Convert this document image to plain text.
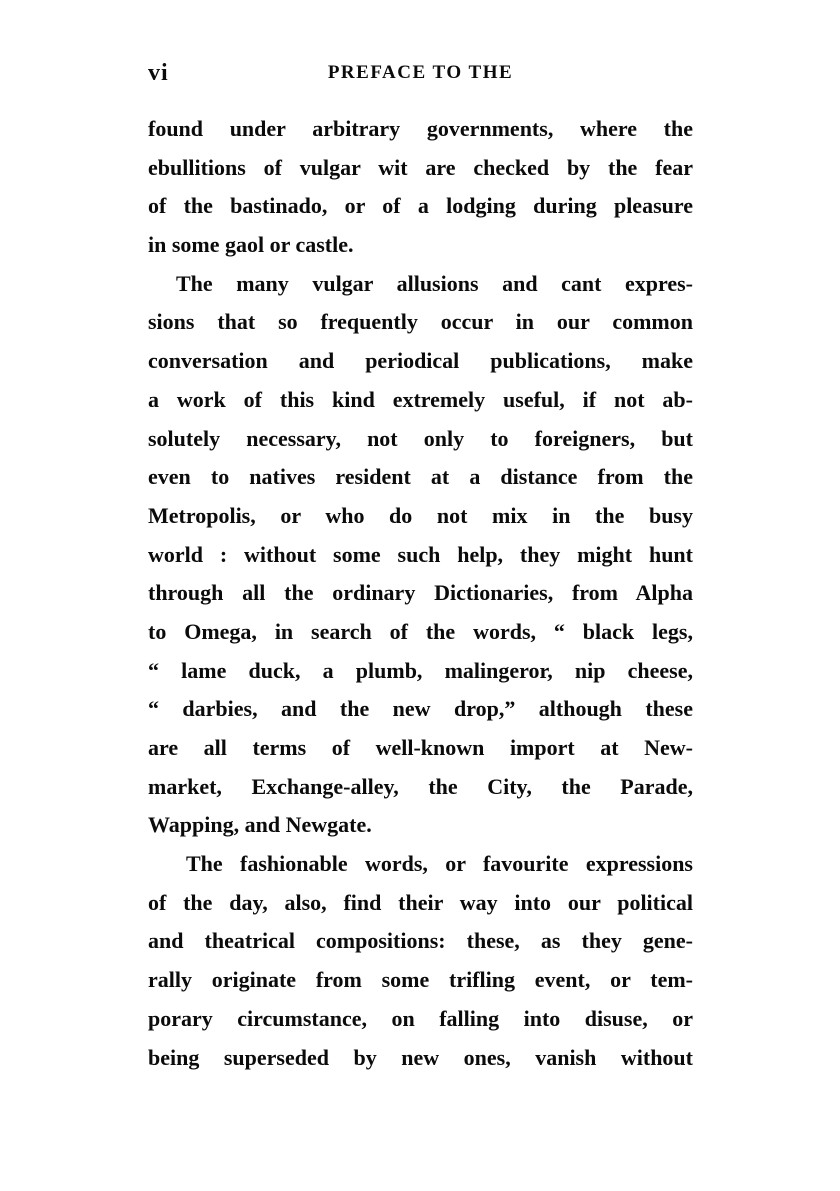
vi	PREFACE TO THE

found under arbitrary governments, where the
ebullitions of vulgar wit are checked by the fear
of the bastinado, or of a lodging during pleasure
in some gaol or castle.

The many vulgar allusions and cant expres-
sions that so frequently occur in our common
conversation and periodical publications, make
a work of this kind extremely useful, if not ab-
solutely necessary, not only to foreigners, but
even to natives resident at a distance from the
Metropolis, or who do not mix in the busy
world : without some such help, they might hunt
through all the ordinary Dictionaries, from Alpha
to Omega, in search of the words, “ black legs,
“ lame duck, a plumb, malingeror, nip cheese,
“ darbies, and the new drop,” although these
are all terms of well-known import at New-
market, Exchange-alley, the City, the Parade,
Wapping, and Newgate.

The fashionable words, or favourite expressions
of the day, also, find their way into our political
and theatrical compositions: these, as they gene-
rally originate from some trifling event, or tem-
porary circumstance, on falling into disuse, or
being superseded by new ones, vanish without
